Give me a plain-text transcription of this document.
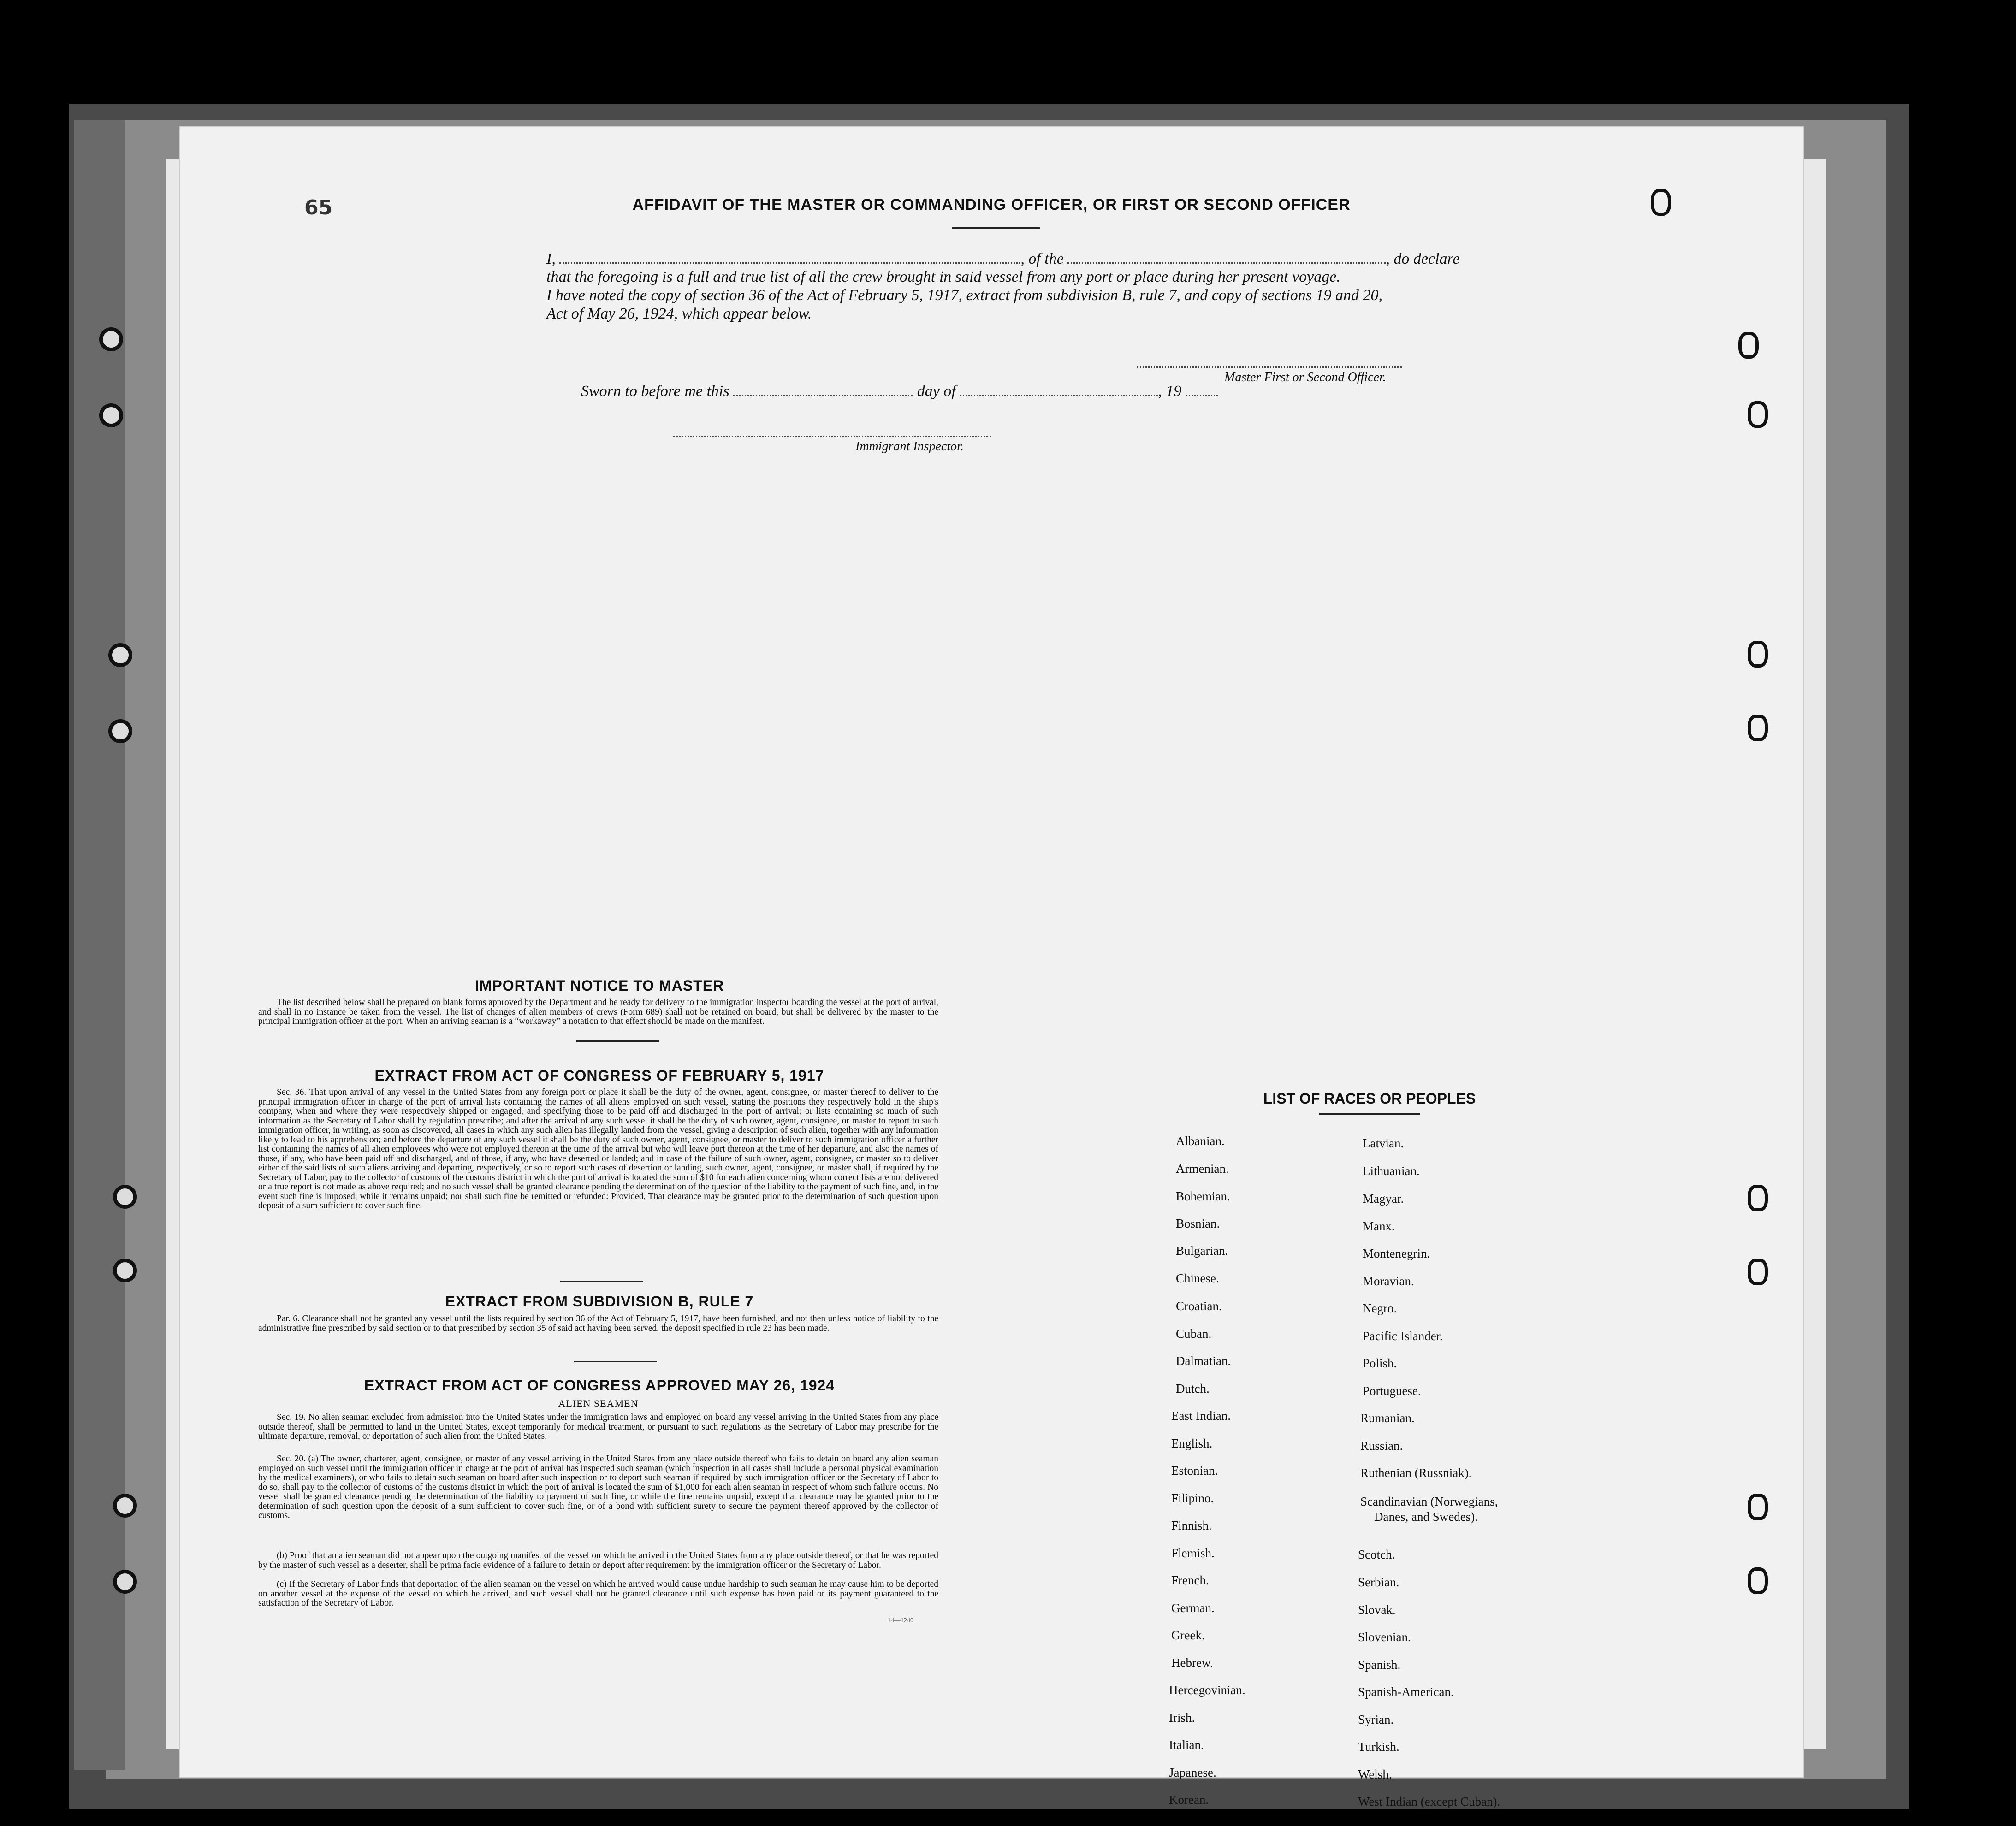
65	AFFIDAVIT OF THE MASTER OR COMMANDING OFFICER, OR FIRST OR SECOND OFFICER
I,	, of the	, do declare
that the foregoing is a full and true list of all the crew brought in said vessel from any port or place during her present voyage.
I have noted the copy of section 36 of the Act of February 5, 1917, extract from subdivision B, rule 7, and copy of sections 19 and 20,
Act of May 26, 1924, which appear below.
Master First or Second Officer.
Sworn to before me this	day of	, 19
Immigrant Inspector.
IMPORTANT NOTICE TO MASTER
The list described below shall be prepared on blank forms approved by the Department and be ready for delivery to the immigration inspector boarding the vessel at the port of arrival, and shall in no instance be taken from the vessel. The list of changes of alien members of crews (Form 689) shall not be retained on board, but shall be delivered by the master to the principal immigration officer at the port. When an arriving seaman is a “workaway” a notation to that effect should be made on the manifest.
EXTRACT FROM ACT OF CONGRESS OF FEBRUARY 5, 1917
Sec. 36. That upon arrival of any vessel in the United States from any foreign port or place it shall be the duty of the owner, agent, consignee, or master thereof to deliver to the principal immigration officer in charge of the port of arrival lists containing the names of all aliens employed on such vessel, stating the positions they respectively hold in the ship's company, when and where they were respectively shipped or engaged, and specifying those to be paid off and discharged in the port of arrival; or lists containing so much of such information as the Secretary of Labor shall by regulation prescribe; and after the arrival of any such vessel it shall be the duty of such owner, agent, consignee, or master to report to such immigration officer, in writing, as soon as discovered, all cases in which any such alien has illegally landed from the vessel, giving a description of such alien, together with any information likely to lead to his apprehension; and before the departure of any such vessel it shall be the duty of such owner, agent, consignee, or master to deliver to such immigration officer a further list containing the names of all alien employees who were not employed thereon at the time of the arrival but who will leave port thereon at the time of her departure, and also the names of those, if any, who have been paid off and discharged, and of those, if any, who have deserted or landed; and in case of the failure of such owner, agent, consignee, or master so to deliver either of the said lists of such aliens arriving and departing, respectively, or so to report such cases of desertion or landing, such owner, agent, consignee, or master shall, if required by the Secretary of Labor, pay to the collector of customs of the customs district in which the port of arrival is located the sum of $10 for each alien concerning whom correct lists are not delivered or a true report is not made as above required; and no such vessel shall be granted clearance pending the determination of the question of the liability to the payment of such fine, and, in the event such fine is imposed, while it remains unpaid; nor shall such fine be remitted or refunded: Provided, That clearance may be granted prior to the determination of such question upon deposit of a sum sufficient to cover such fine.
EXTRACT FROM SUBDIVISION B, RULE 7
Par. 6. Clearance shall not be granted any vessel until the lists required by section 36 of the Act of February 5, 1917, have been furnished, and not then unless notice of liability to the administrative fine prescribed by said section or to that prescribed by section 35 of said act having been served, the deposit specified in rule 23 has been made.
EXTRACT FROM ACT OF CONGRESS APPROVED MAY 26, 1924
ALIEN SEAMEN
Sec. 19. No alien seaman excluded from admission into the United States under the immigration laws and employed on board any vessel arriving in the United States from any place outside thereof, shall be permitted to land in the United States, except temporarily for medical treatment, or pursuant to such regulations as the Secretary of Labor may prescribe for the ultimate departure, removal, or deportation of such alien from the United States.
Sec. 20. (a) The owner, charterer, agent, consignee, or master of any vessel arriving in the United States from any place outside thereof who fails to detain on board any alien seaman employed on such vessel until the immigration officer in charge at the port of arrival has inspected such seaman (which inspection in all cases shall include a personal physical examination by the medical examiners), or who fails to detain such seaman on board after such inspection or to deport such seaman if required by such immigration officer or the Secretary of Labor to do so, shall pay to the collector of customs of the customs district in which the port of arrival is located the sum of $1,000 for each alien seaman in respect of whom such failure occurs. No vessel shall be granted clearance pending the determination of the liability to payment of such fine, or while the fine remains unpaid, except that clearance may be granted prior to the determination of such question upon the deposit of a sum sufficient to cover such fine, or of a bond with sufficient surety to secure the payment thereof approved by the collector of customs.
(b) Proof that an alien seaman did not appear upon the outgoing manifest of the vessel on which he arrived in the United States from any place outside thereof, or that he was reported by the master of such vessel as a deserter, shall be prima facie evidence of a failure to detain or deport after requirement by the immigration officer or the Secretary of Labor.
(c) If the Secretary of Labor finds that deportation of the alien seaman on the vessel on which he arrived would cause undue hardship to such seaman he may cause him to be deported on another vessel at the expense of the vessel on which he arrived, and such vessel shall not be granted clearance until such expense has been paid or its payment guaranteed to the satisfaction of the Secretary of Labor.
14—1240
LIST OF RACES OR PEOPLES
Albanian.
Armenian.
Bohemian.
Bosnian.
Bulgarian.
Chinese.
Croatian.
Cuban.
Dalmatian.
Dutch.
East Indian.
English.
Estonian.
Filipino.
Finnish.
Flemish.
French.
German.
Greek.
Hebrew.
Hercegovinian.
Irish.
Italian.
Japanese.
Korean.
Latvian.
Lithuanian.
Magyar.
Manx.
Montenegrin.
Moravian.
Negro.
Pacific Islander.
Polish.
Portuguese.
Rumanian.
Russian.
Ruthenian (Russniak).
Scandinavian (Norwegians,
Danes, and Swedes).
Scotch.
Serbian.
Slovak.
Slovenian.
Spanish.
Spanish-American.
Syrian.
Turkish.
Welsh.
West Indian (except Cuban).
